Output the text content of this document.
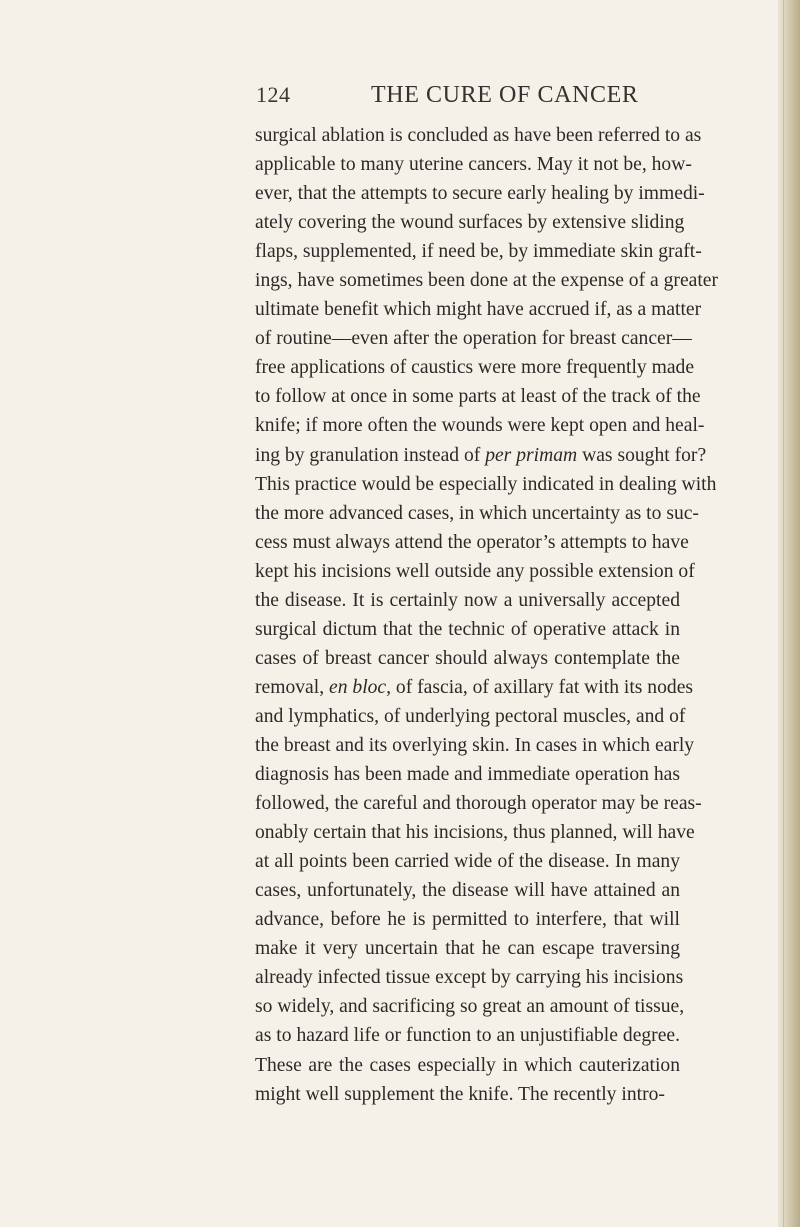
124	THE CURE OF CANCER
surgical ablation is concluded as have been referred to as
applicable to many uterine cancers. May it not be, how-
ever, that the attempts to secure early healing by immedi-
ately covering the wound surfaces by extensive sliding
flaps, supplemented, if need be, by immediate skin graft-
ings, have sometimes been done at the expense of a greater
ultimate benefit which might have accrued if, as a matter
of routine—even after the operation for breast cancer—
free applications of caustics were more frequently made
to follow at once in some parts at least of the track of the
knife; if more often the wounds were kept open and heal-
ing by granulation instead of per primam was sought for?
This practice would be especially indicated in dealing with
the more advanced cases, in which uncertainty as to suc-
cess must always attend the operator’s attempts to have
kept his incisions well outside any possible extension of
the disease. It is certainly now a universally accepted
surgical dictum that the technic of operative attack in
cases of breast cancer should always contemplate the
removal, en bloc, of fascia, of axillary fat with its nodes
and lymphatics, of underlying pectoral muscles, and of
the breast and its overlying skin. In cases in which early
diagnosis has been made and immediate operation has
followed, the careful and thorough operator may be reas-
onably certain that his incisions, thus planned, will have
at all points been carried wide of the disease. In many
cases, unfortunately, the disease will have attained an
advance, before he is permitted to interfere, that will
make it very uncertain that he can escape traversing
already infected tissue except by carrying his incisions
so widely, and sacrificing so great an amount of tissue,
as to hazard life or function to an unjustifiable degree.
These are the cases especially in which cauterization
might well supplement the knife. The recently intro-
